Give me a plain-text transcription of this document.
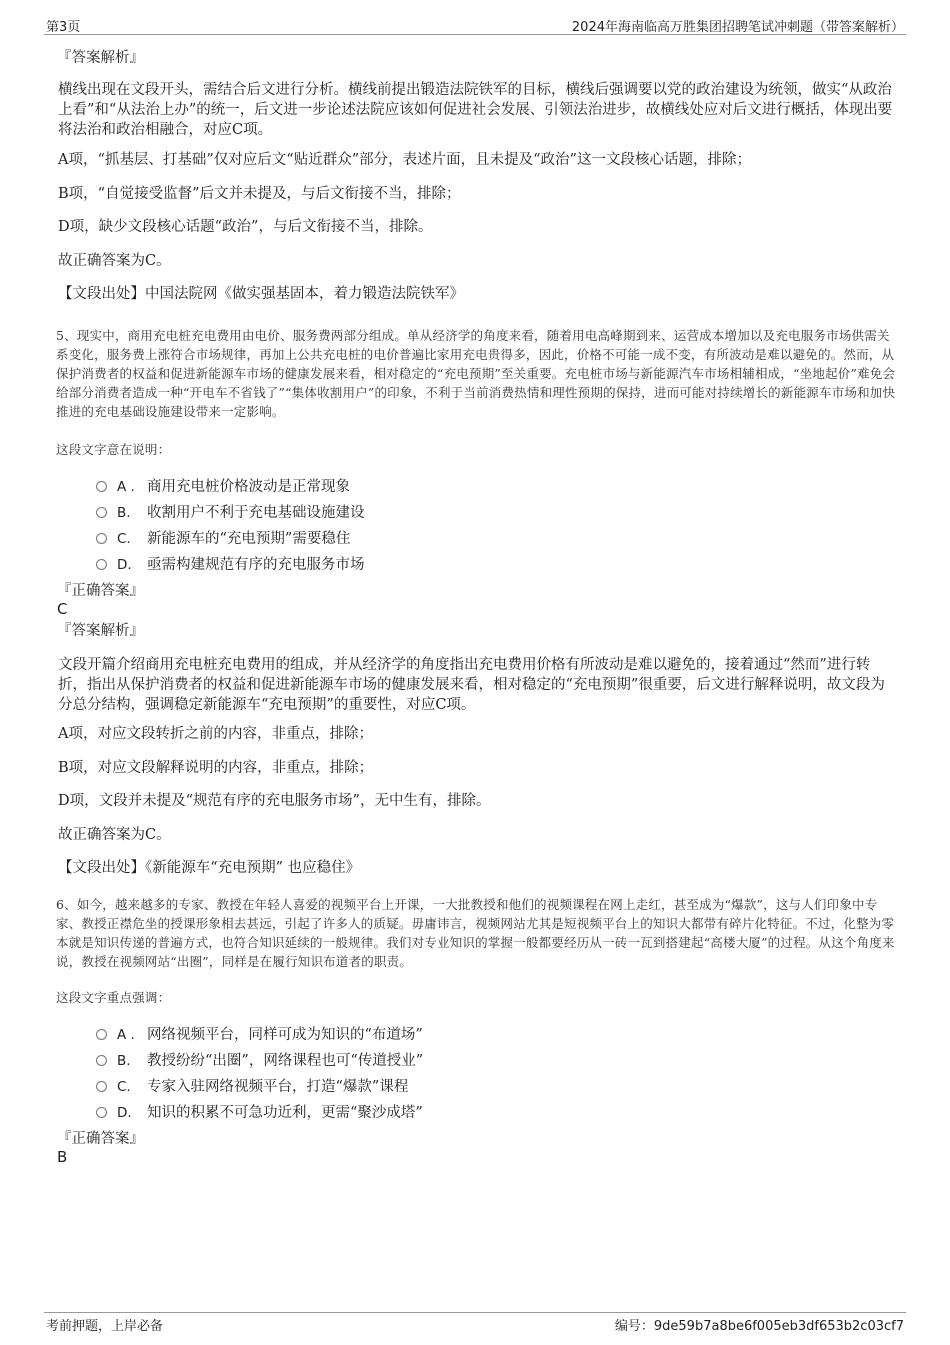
第3页	2024年海南临高万胜集团招聘笔试冲刺题（带答案解析）
『答案解析』
横线出现在文段开头，需结合后文进行分析。横线前提出锻造法院铁军的目标，横线后强调要以党的政治建设为统领，做实“从政治上看”和“从法治上办”的统一，后文进一步论述法院应该如何促进社会发展、引领法治进步，故横线处应对后文进行概括，体现出要将法治和政治相融合，对应C项。
A项，“抓基层、打基础”仅对应后文“贴近群众”部分，表述片面，且未提及“政治”这一文段核心话题，排除；
B项，“自觉接受监督”后文并未提及，与后文衔接不当，排除；
D项，缺少文段核心话题“政治”，与后文衔接不当，排除。
故正确答案为C。
【文段出处】中国法院网《做实强基固本，着力锻造法院铁军》
5、现实中，商用充电桩充电费用由电价、服务费两部分组成。单从经济学的角度来看，随着用电高峰期到来、运营成本增加以及充电服务市场供需关系变化，服务费上涨符合市场规律，再加上公共充电桩的电价普遍比家用充电贵得多，因此，价格不可能一成不变，有所波动是难以避免的。然而，从保护消费者的权益和促进新能源车市场的健康发展来看，相对稳定的“充电预期”至关重要。充电桩市场与新能源汽车市场相辅相成，“坐地起价”难免会给部分消费者造成一种“开电车不省钱了”“集体收割用户”的印象，不利于当前消费热情和理性预期的保持，进而可能对持续增长的新能源车市场和加快推进的充电基础设施建设带来一定影响。
这段文字意在说明：
A . 商用充电桩价格波动是正常现象
B. 收割用户不利于充电基础设施建设
C. 新能源车的“充电预期”需要稳住
D. 亟需构建规范有序的充电服务市场
『正确答案』
C
『答案解析』
文段开篇介绍商用充电桩充电费用的组成，并从经济学的角度指出充电费用价格有所波动是难以避免的，接着通过“然而”进行转折，指出从保护消费者的权益和促进新能源车市场的健康发展来看，相对稳定的“充电预期”很重要，后文进行解释说明，故文段为分总分结构，强调稳定新能源车“充电预期”的重要性，对应C项。
A项，对应文段转折之前的内容，非重点，排除；
B项，对应文段解释说明的内容，非重点，排除；
D项，文段并未提及“规范有序的充电服务市场”，无中生有，排除。
故正确答案为C。
【文段出处】《新能源车“充电预期” 也应稳住》
6、如今，越来越多的专家、教授在年轻人喜爱的视频平台上开课，一大批教授和他们的视频课程在网上走红，甚至成为“爆款”，这与人们印象中专家、教授正襟危坐的授课形象相去甚远，引起了许多人的质疑。毋庸讳言，视频网站尤其是短视频平台上的知识大都带有碎片化特征。不过，化整为零本就是知识传递的普遍方式，也符合知识延续的一般规律。我们对专业知识的掌握一般都要经历从一砖一瓦到搭建起“高楼大厦”的过程。从这个角度来说，教授在视频网站“出圈”，同样是在履行知识布道者的职责。
这段文字重点强调：
A . 网络视频平台，同样可成为知识的“布道场”
B. 教授纷纷“出圈”，网络课程也可“传道授业”
C. 专家入驻网络视频平台，打造“爆款”课程
D. 知识的积累不可急功近利，更需“聚沙成塔”
『正确答案』
B
考前押题，上岸必备	编号：9de59b7a8be6f005eb3df653b2c03cf7
